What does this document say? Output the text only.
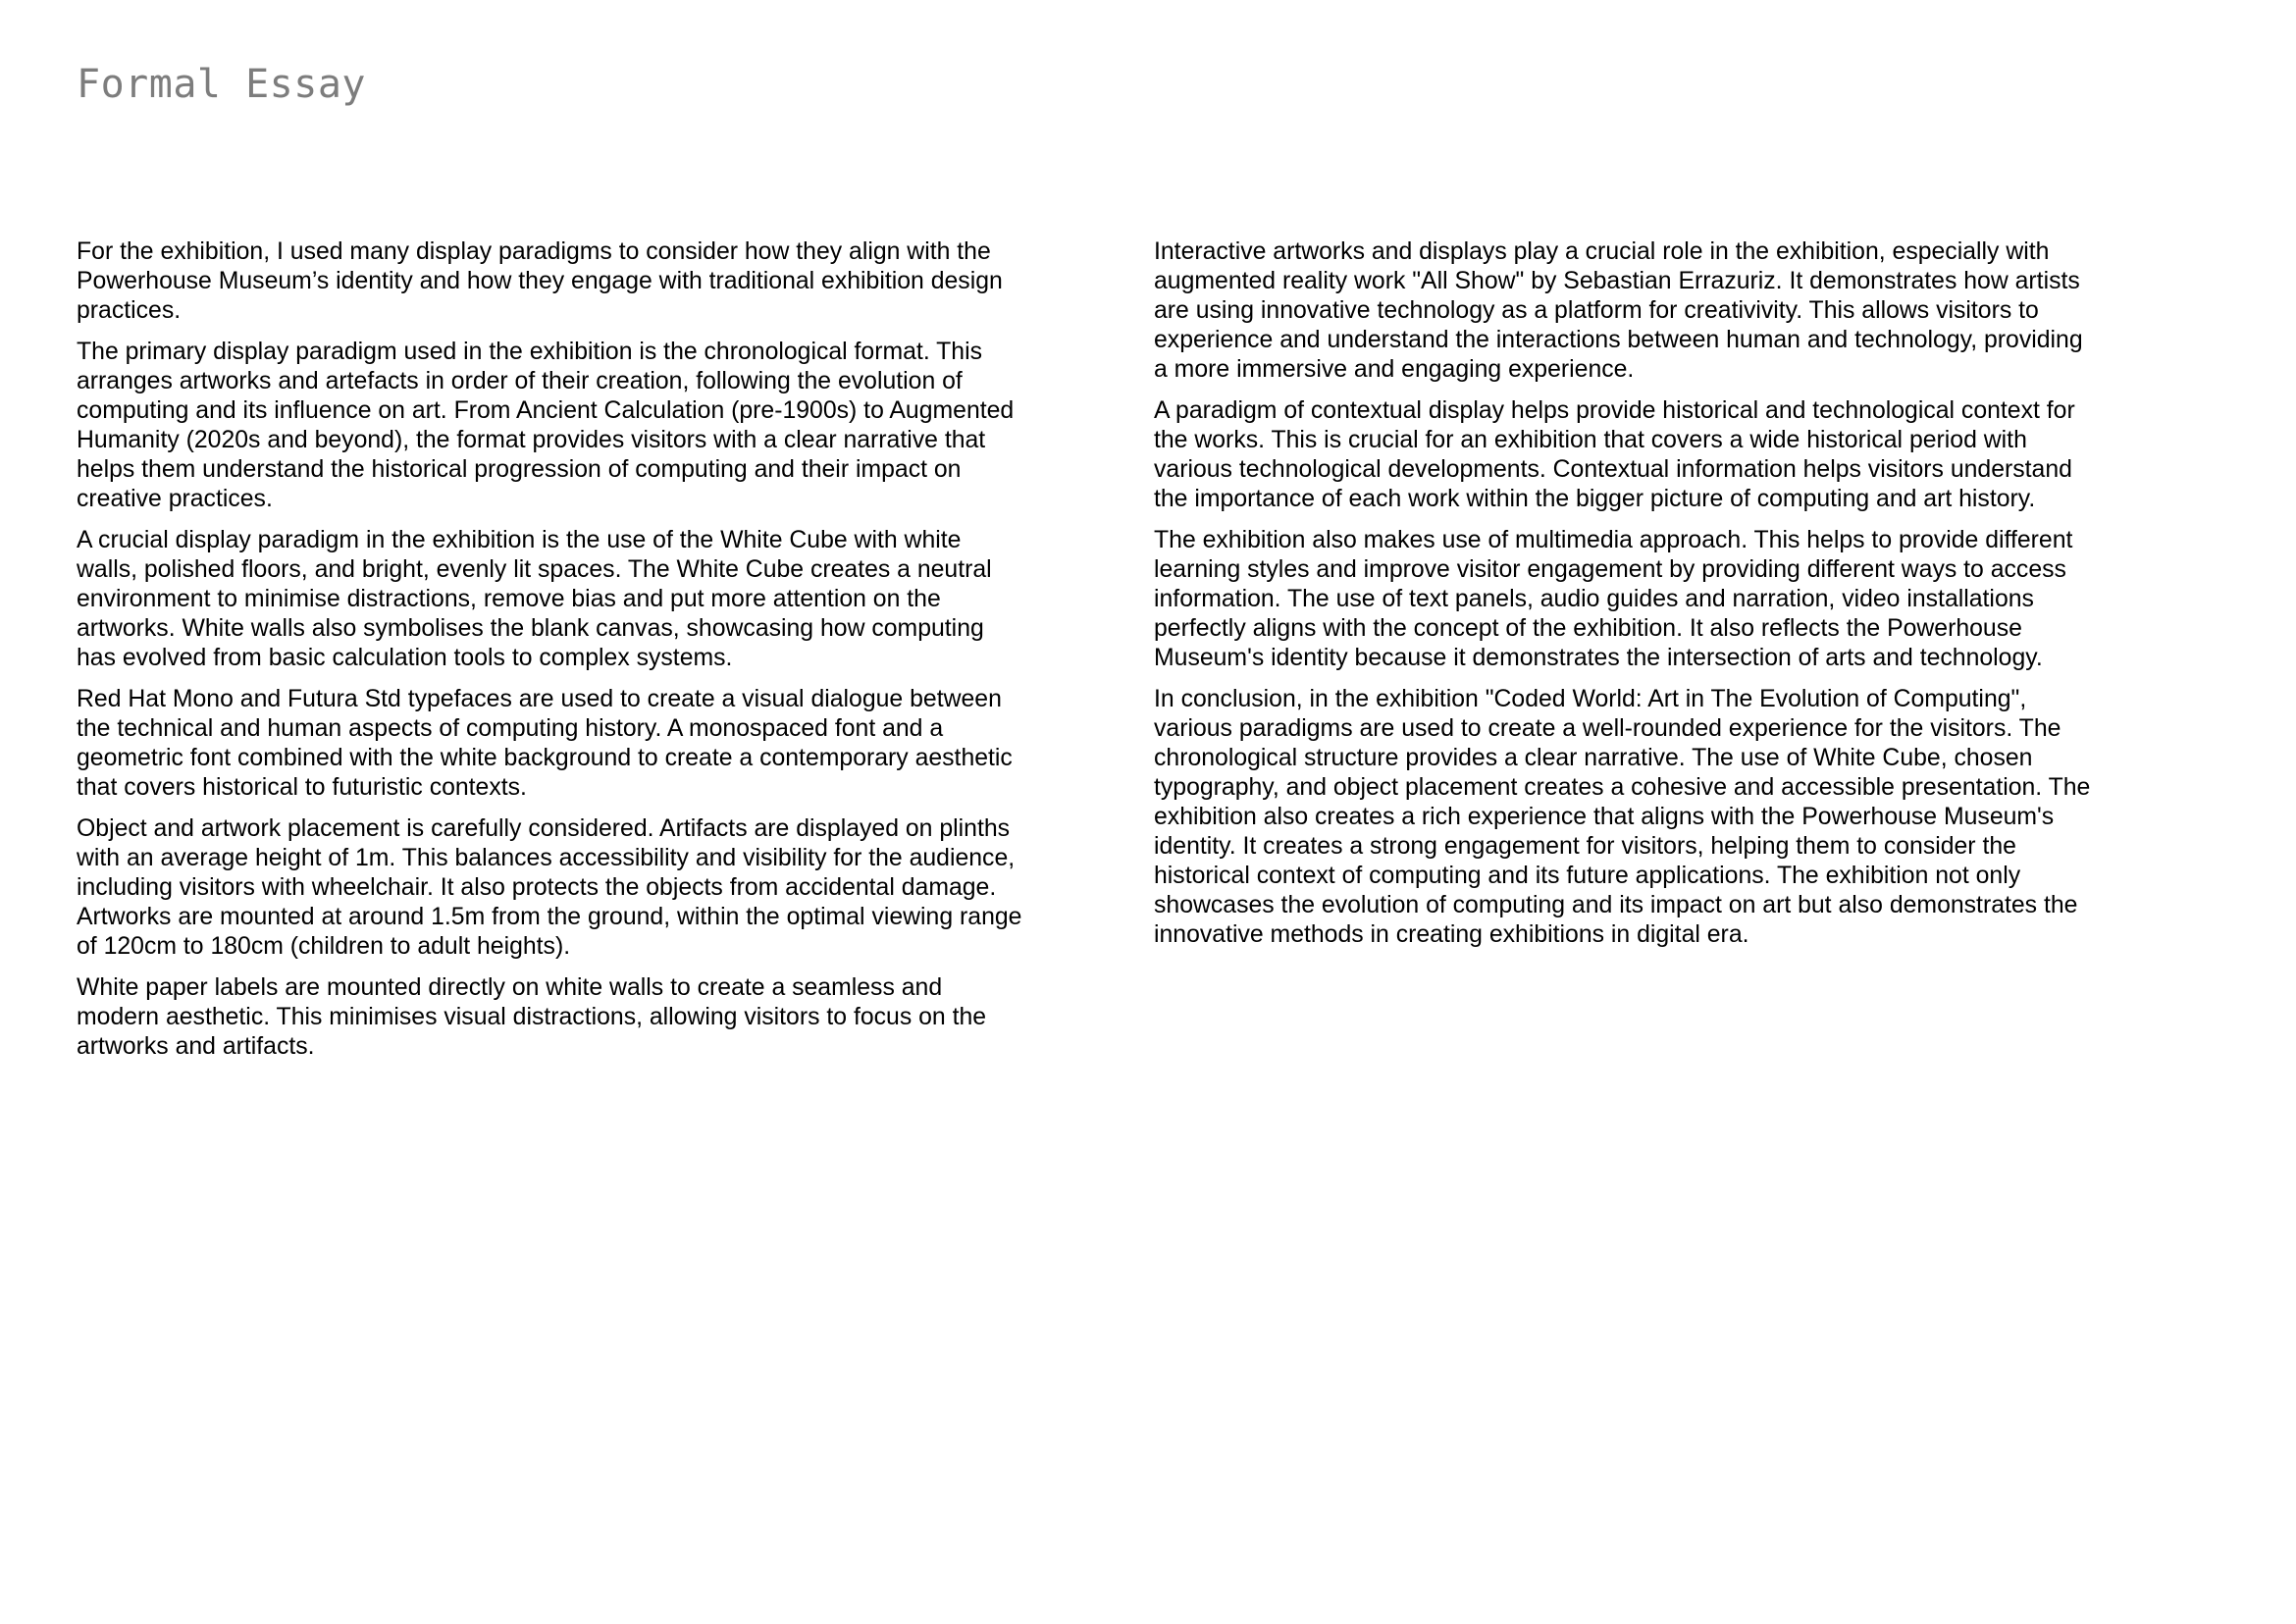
Formal Essay

For the exhibition, I used many display paradigms to consider how they align with the Powerhouse Museum’s identity and how they engage with traditional exhibition design practices.

The primary display paradigm used in the exhibition is the chronological format. This arranges artworks and artefacts in order of their creation, following the evolution of computing and its influence on art. From Ancient Calculation (pre-1900s) to Augmented Humanity (2020s and beyond), the format provides visitors with a clear narrative that helps them understand the historical progression of computing and their impact on creative practices.

A crucial display paradigm in the exhibition is the use of the White Cube with white walls, polished floors, and bright, evenly lit spaces. The White Cube creates a neutral environment to minimise distractions, remove bias and put more attention on the artworks. White walls also symbolises the blank canvas, showcasing how computing has evolved from basic calculation tools to complex systems.

Red Hat Mono and Futura Std typefaces are used to create a visual dialogue between the technical and human aspects of computing history. A monospaced font and a geometric font combined with the white background to create a contemporary aesthetic that covers historical to futuristic contexts.

Object and artwork placement is carefully considered. Artifacts are displayed on plinths with an average height of 1m. This balances accessibility and visibility for the audience, including visitors with wheelchair. It also protects the objects from accidental damage. Artworks are mounted at around 1.5m from the ground, within the optimal viewing range of 120cm to 180cm (children to adult heights).

White paper labels are mounted directly on white walls to create a seamless and modern aesthetic. This minimises visual distractions, allowing visitors to focus on the artworks and artifacts.

Interactive artworks and displays play a crucial role in the exhibition, especially with augmented reality work "All Show" by Sebastian Errazuriz. It demonstrates how artists are using innovative technology as a platform for creativivity. This allows visitors to experience and understand the interactions between human and technology, providing a more immersive and engaging experience.

A paradigm of contextual display helps provide historical and technological context for the works. This is crucial for an exhibition that covers a wide historical period with various technological developments. Contextual information helps visitors understand the importance of each work within the bigger picture of computing and art history.

The exhibition also makes use of multimedia approach. This helps to provide different learning styles and improve visitor engagement by providing different ways to access information. The use of text panels, audio guides and narration, video installations perfectly aligns with the concept of the exhibition. It also reflects the Powerhouse Museum's identity because it demonstrates the intersection of arts and technology.

In conclusion, in the exhibition "Coded World: Art in The Evolution of Computing", various paradigms are used to create a well-rounded experience for the visitors. The chronological structure provides a clear narrative. The use of White Cube, chosen typography, and object placement creates a cohesive and accessible presentation. The exhibition also creates a rich experience that aligns with the Powerhouse Museum's identity. It creates a strong engagement for visitors, helping them to consider the historical context of computing and its future applications. The exhibition not only showcases the evolution of computing and its impact on art but also demonstrates the innovative methods in creating exhibitions in digital era.
